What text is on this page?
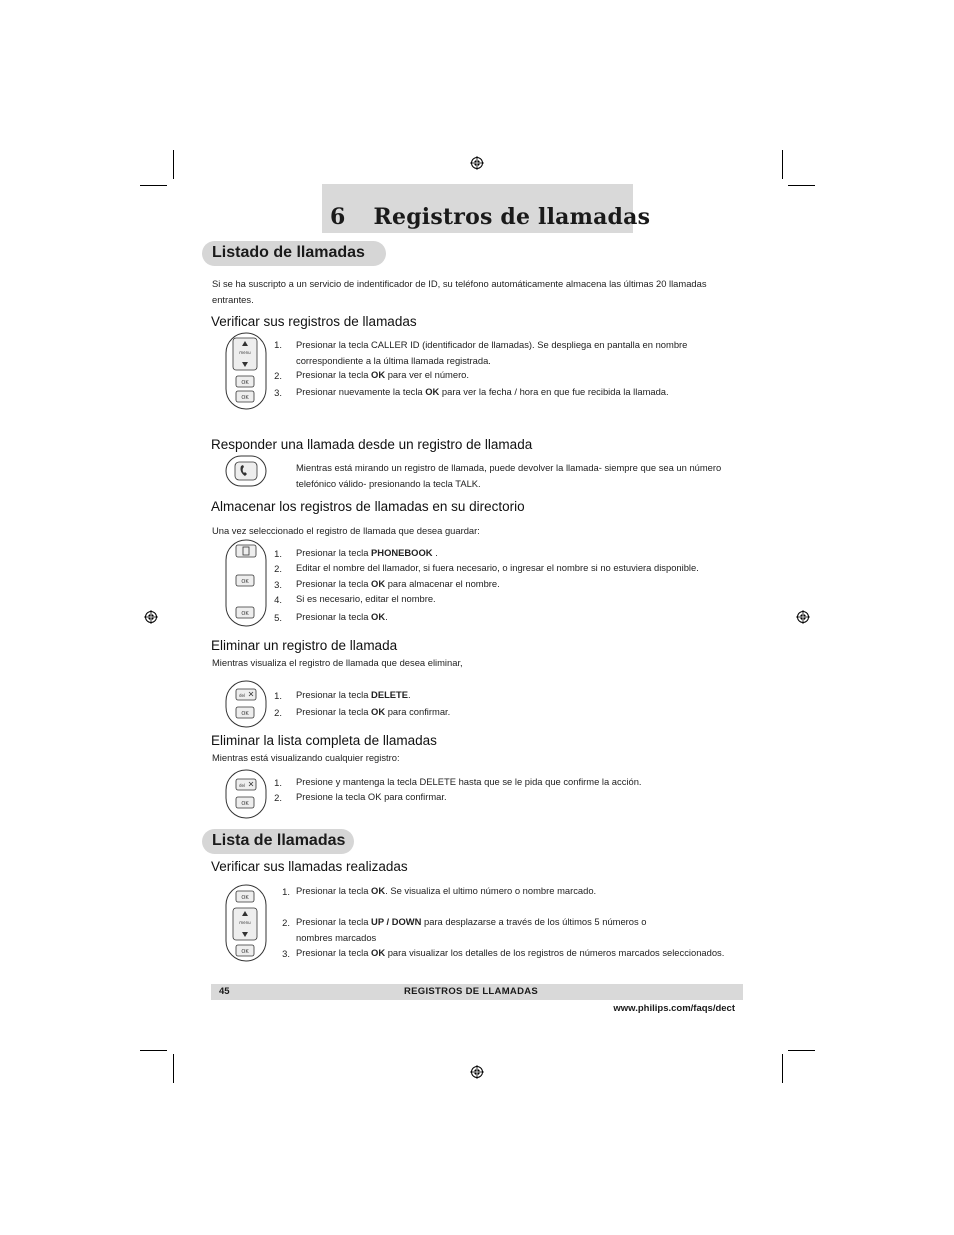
6 Registros de llamadas
Listado de llamadas
Si se ha suscripto a un servicio de indentificador de ID, su teléfono automáticamente almacena las últimas 20 llamadas
entrantes.
Verificar sus registros de llamadas
menu
OK
OK
1. Presionar la tecla CALLER ID (identificador de llamadas). Se despliega en pantalla en nombre
correspondiente a la última llamada registrada.
2. Presionar la tecla OK para ver el número.
3. Presionar nuevamente la tecla OK para ver la fecha / hora en que fue recibida la llamada.
Responder una llamada desde un registro de llamada
Mientras está mirando un registro de llamada, puede devolver la llamada- siempre que sea un número
telefónico válido- presionando la tecla TALK.
Almacenar los registros de llamadas en su directorio
Una vez seleccionado el registro de llamada que desea guardar:
OK
OK
1. Presionar la tecla PHONEBOOK .
2. Editar el nombre del llamador, si fuera necesario, o ingresar el nombre si no estuviera disponible.
3. Presionar la tecla OK para almacenar el nombre.
4. Si es necesario, editar el nombre.
5. Presionar la tecla OK.
Eliminar un registro de llamada
Mientras visualiza el registro de llamada que desea eliminar,
del
OK
1. Presionar la tecla DELETE.
2. Presionar la tecla OK para confirmar.
Eliminar la lista completa de llamadas
Mientras está visualizando cualquier registro:
del
OK
1. Presione y mantenga la tecla DELETE hasta que se le pida que confirme la acción.
2. Presione la tecla OK para confirmar.
Lista de llamadas
Verificar sus llamadas realizadas
OK
menu
OK
1. Presionar la tecla OK. Se visualiza el ultimo número o nombre marcado.
2. Presionar la tecla UP / DOWN para desplazarse a través de los últimos 5 números o
nombres marcados
3. Presionar la tecla OK para visualizar los detalles de los registros de números marcados seleccionados.
45	REGISTROS DE LLAMADAS
www.philips.com/faqs/dect
